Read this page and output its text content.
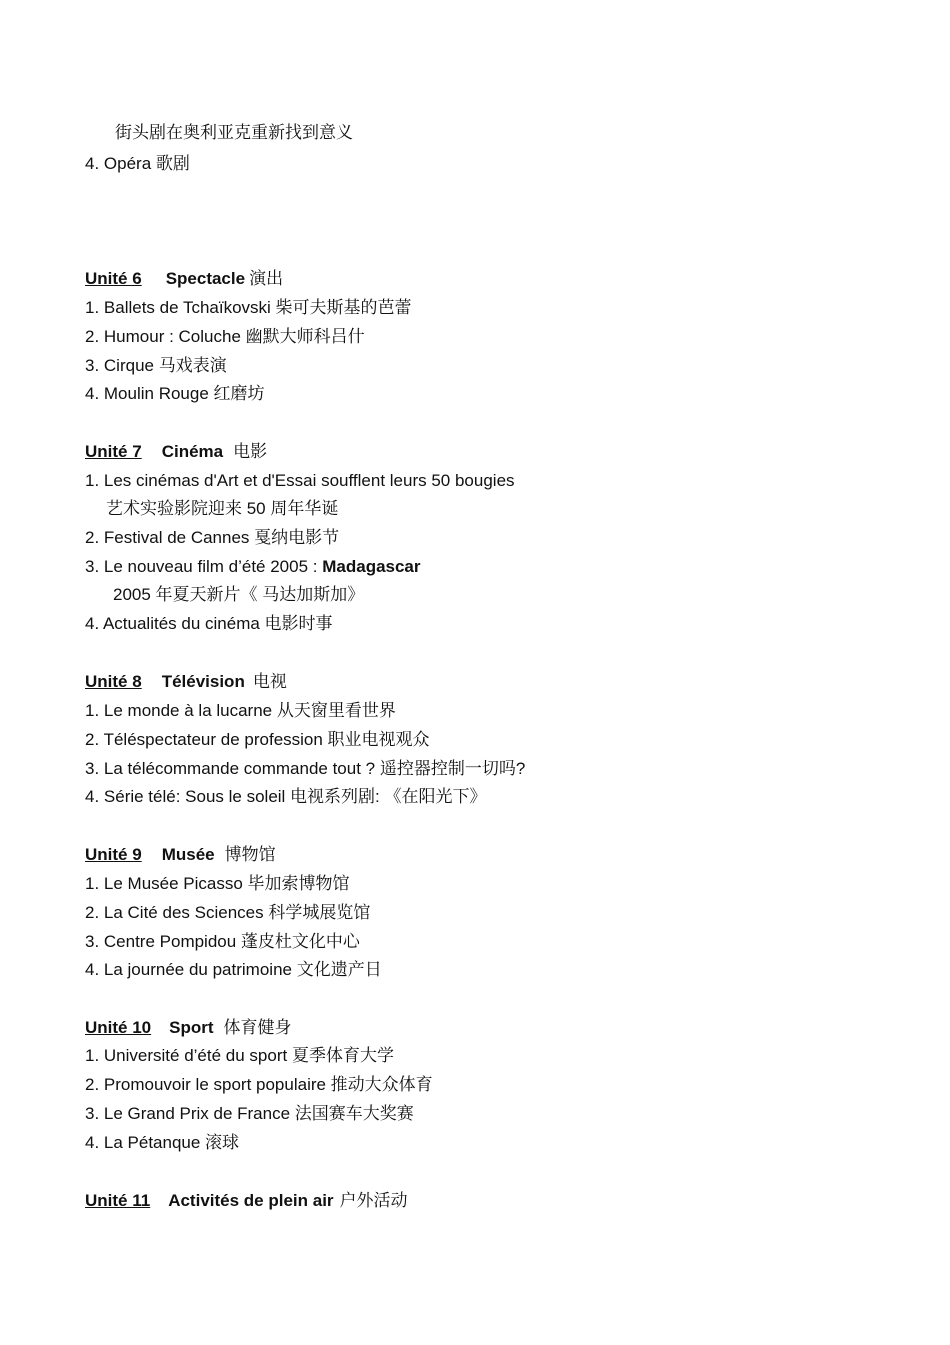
街头剧在奥利亚克重新找到意义
4. Opéra 歌剧
Unité 6 Spectacle 演出
1. Ballets de Tchaïkovski 柴可夫斯基的芭蕾
2. Humour : Coluche 幽默大师科吕什
3. Cirque 马戏表演
4. Moulin Rouge 红磨坊
Unité 7 Cinéma 电影
1. Les cinémas d'Art et d'Essai soufflent leurs 50 bougies
艺术实验影院迎来 50 周年华诞
2. Festival de Cannes 戛纳电影节
3. Le nouveau film d’été 2005 : Madagascar
2005 年夏天新片《 马达加斯加》
4. Actualités du cinéma 电影时事
Unité 8 Télévision 电视
1. Le monde à la lucarne 从天窗里看世界
2. Téléspectateur de profession 职业电视观众
3. La télécommande commande tout ? 遥控器控制一切吗?
4. Série télé: Sous le soleil 电视系列剧: 《在阳光下》
Unité 9 Musée 博物馆
1. Le Musée Picasso 毕加索博物馆
2. La Cité des Sciences 科学城展览馆
3. Centre Pompidou 蓬皮杜文化中心
4. La journée du patrimoine 文化遗产日
Unité 10 Sport 体育健身
1. Université d’été du sport 夏季体育大学
2. Promouvoir le sport populaire 推动大众体育
3. Le Grand Prix de France 法国赛车大奖赛
4. La Pétanque 滚球
Unité 11 Activités de plein air 户外活动
